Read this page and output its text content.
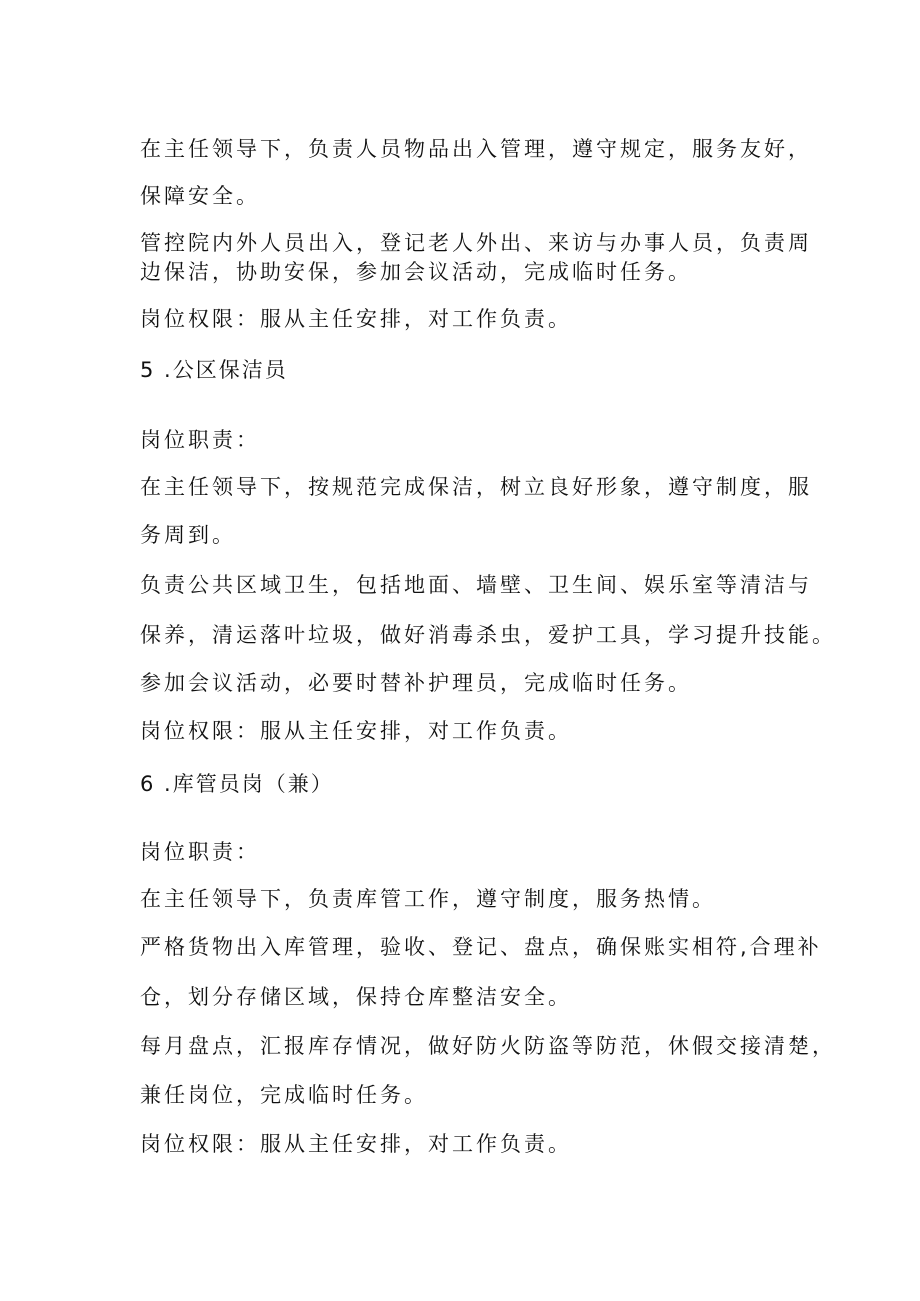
在主任领导下，负责人员物品出入管理，遵守规定，服务友好，
保障安全。
管控院内外人员出入，登记老人外出、来访与办事人员，负责周
边保洁，协助安保，参加会议活动，完成临时任务。
岗位权限：服从主任安排，对工作负责。
5 .公区保洁员
岗位职责：
在主任领导下，按规范完成保洁，树立良好形象，遵守制度，服
务周到。
负责公共区域卫生，包括地面、墙壁、卫生间、娱乐室等清洁与
保养，清运落叶垃圾，做好消毒杀虫，爱护工具，学习提升技能。
参加会议活动，必要时替补护理员，完成临时任务。
岗位权限：服从主任安排，对工作负责。
6 .库管员岗（兼）
岗位职责：
在主任领导下，负责库管工作，遵守制度，服务热情。
严格货物出入库管理，验收、登记、盘点，确保账实相符,合理补
仓，划分存储区域，保持仓库整洁安全。
每月盘点，汇报库存情况，做好防火防盗等防范，休假交接清楚，
兼任岗位，完成临时任务。
岗位权限：服从主任安排，对工作负责。
